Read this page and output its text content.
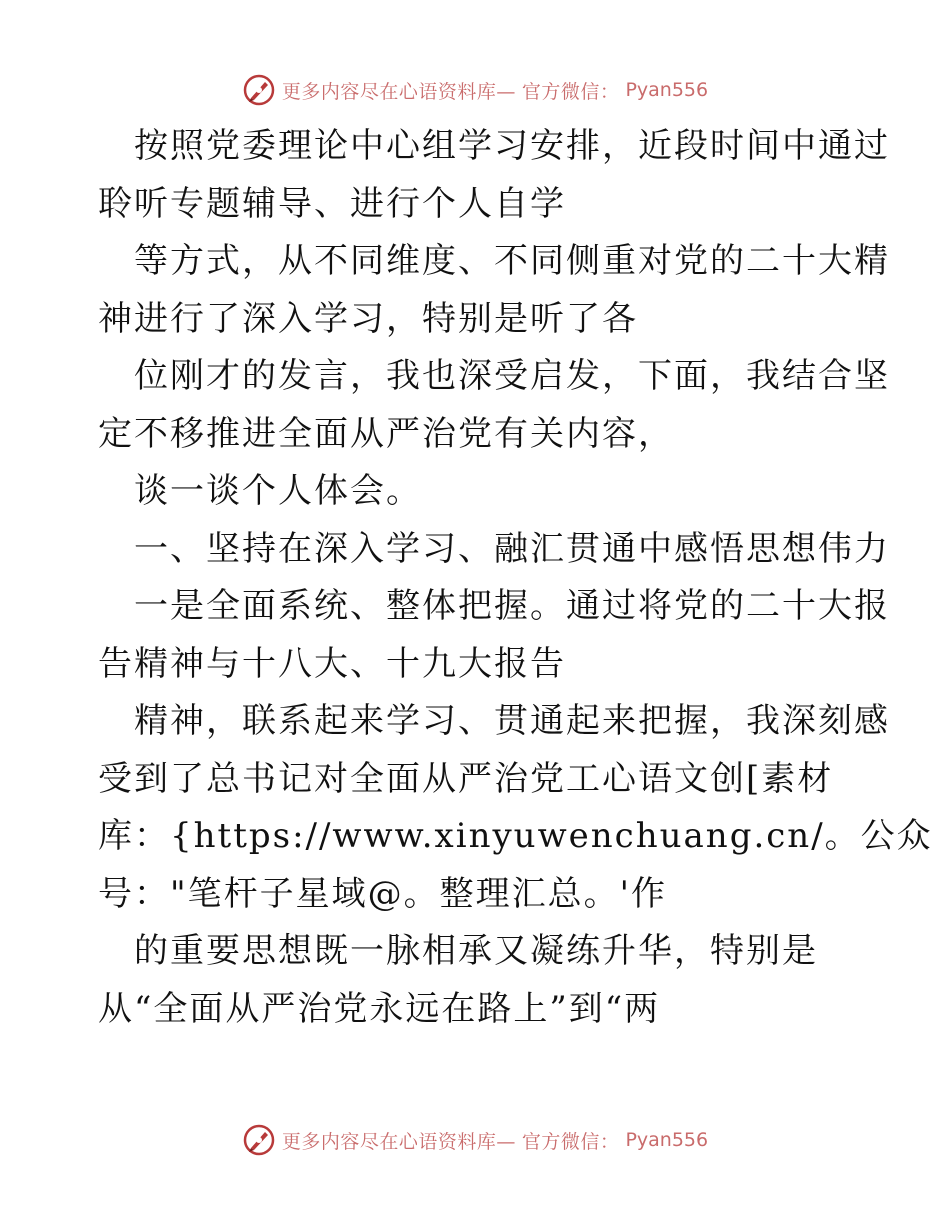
更多内容尽在心语资料库— 官方微信： Pyan556
按照党委理论中心组学习安排，近段时间中通过
聆听专题辅导、进行个人自学
等方式，从不同维度、不同侧重对党的二十大精
神进行了深入学习，特别是听了各
位刚才的发言，我也深受启发，下面，我结合坚
定不移推进全面从严治党有关内容，
谈一谈个人体会。
一、坚持在深入学习、融汇贯通中感悟思想伟力
一是全面系统、整体把握。通过将党的二十大报
告精神与十八大、十九大报告
精神，联系起来学习、贯通起来把握，我深刻感
受到了总书记对全面从严治党工心语文创[素材
库：{https://www.xinyuwenchuang.cn/。公众
号："笔杆子星域@。整理汇总。'作
的重要思想既一脉相承又凝练升华，特别是
从“全面从严治党永远在路上”到“两
更多内容尽在心语资料库— 官方微信： Pyan556
